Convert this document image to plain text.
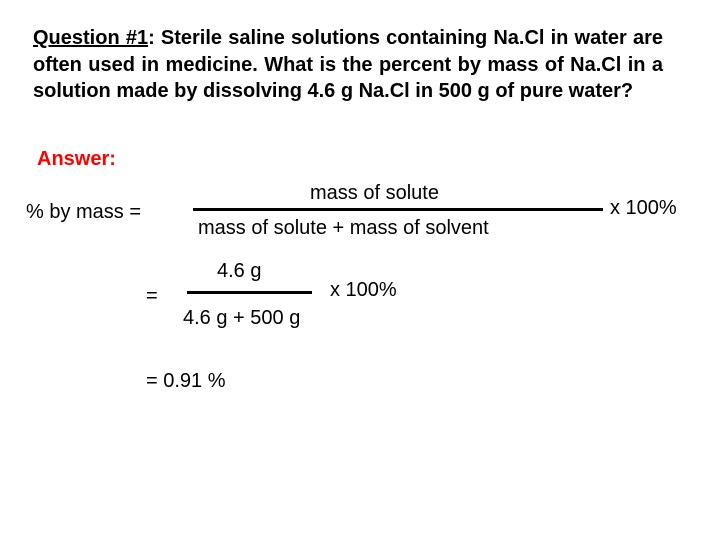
Question #1: Sterile saline solutions containing Na.Cl in water are often used in medicine. What is the percent by mass of Na.Cl in a solution made by dissolving 4.6 g Na.Cl in 500 g of pure water?
Answer:
% by mass =
mass of solute
mass of solute + mass of solvent
x 100%
=
4.6 g
4.6 g + 500 g
x 100%
= 0.91 %
